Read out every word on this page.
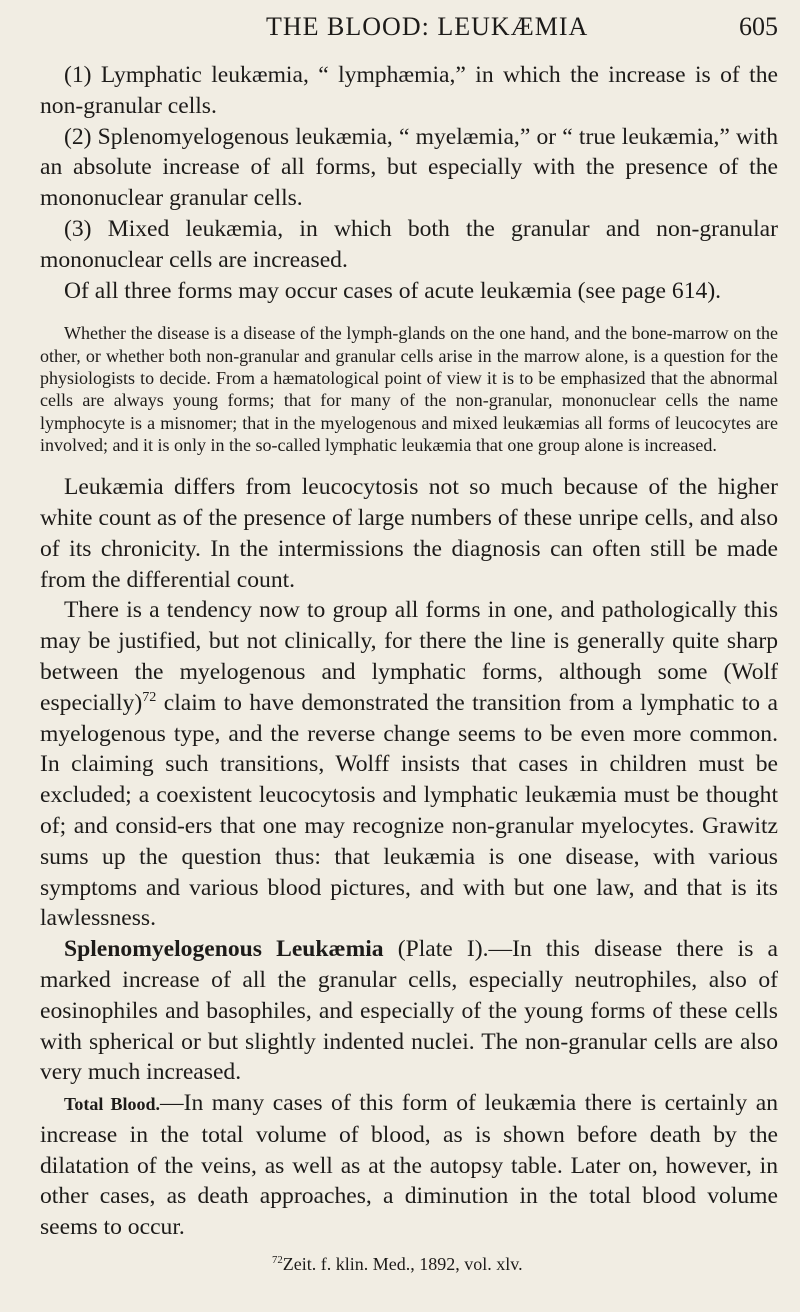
THE BLOOD: LEUKÆMIA	605

(1) Lymphatic leukæmia, “ lymphæmia,” in which the increase is of the non-granular cells.

(2) Splenomyelogenous leukæmia, “ myelæmia,” or “ true leukæmia,” with an absolute increase of all forms, but especially with the presence of the mononuclear granular cells.

(3) Mixed leukæmia, in which both the granular and non-granular mononuclear cells are increased.

Of all three forms may occur cases of acute leukæmia (see page 614).

Whether the disease is a disease of the lymph-glands on the one hand, and the bone-marrow on the other, or whether both non-granular and granular cells arise in the marrow alone, is a question for the physiologists to decide. From a hæmatological point of view it is to be emphasized that the abnormal cells are always young forms; that for many of the non-granular, mononuclear cells the name lymphocyte is a misnomer; that in the myelogenous and mixed leukæmias all forms of leucocytes are involved; and it is only in the so-called lymphatic leukæmia that one group alone is increased.

Leukæmia differs from leucocytosis not so much because of the higher white count as of the presence of large numbers of these unripe cells, and also of its chronicity. In the intermissions the diagnosis can often still be made from the differential count.

There is a tendency now to group all forms in one, and pathologically this may be justified, but not clinically, for there the line is generally quite sharp between the myelogenous and lymphatic forms, although some (Wolf especially)$^{72}$ claim to have demonstrated the transition from a lymphatic to a myelogenous type, and the reverse change seems to be even more common. In claiming such transitions, Wolff insists that cases in children must be excluded; a coexistent leucocytosis and lymphatic leukæmia must be thought of; and consid-ers that one may recognize non-granular myelocytes. Grawitz sums up the question thus: that leukæmia is one disease, with various symptoms and various blood pictures, and with but one law, and that is its lawlessness.

Splenomyelogenous Leukæmia (Plate I).—In this disease there is a marked increase of all the granular cells, especially neutrophiles, also of eosinophiles and basophiles, and especially of the young forms of these cells with spherical or but slightly indented nuclei. The non-granular cells are also very much increased.

Total Blood.—In many cases of this form of leukæmia there is certainly an increase in the total volume of blood, as is shown before death by the dilatation of the veins, as well as at the autopsy table. Later on, however, in other cases, as death approaches, a diminution in the total blood volume seems to occur.

$^{72}$Zeit. f. klin. Med., 1892, vol. xlv.
